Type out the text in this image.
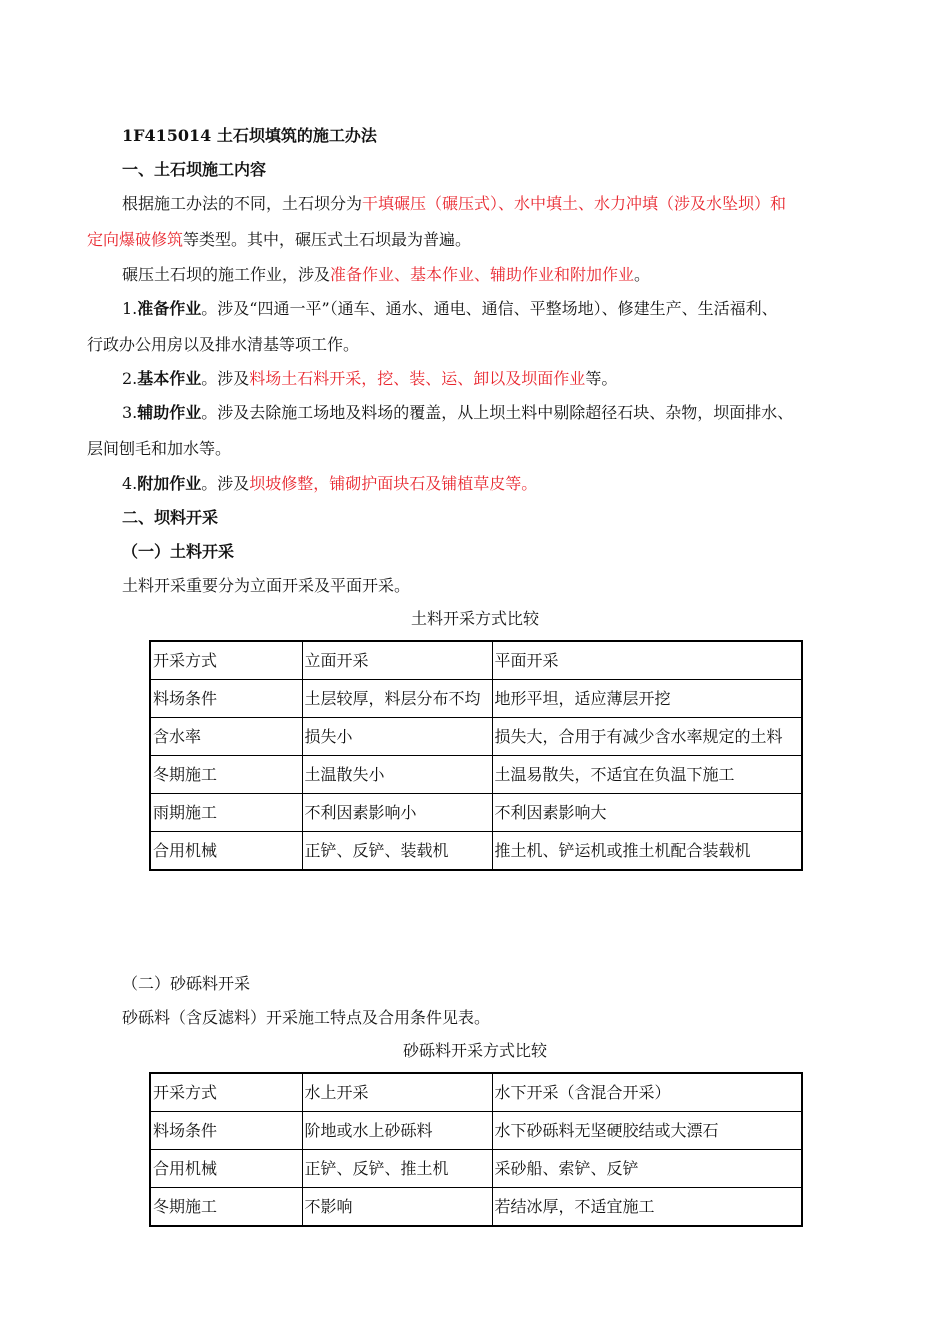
1F415014 土石坝填筑的施工办法
一、土石坝施工内容
根据施工办法的不同，土石坝分为干填碾压（碾压式）、水中填土、水力冲填（涉及水坠坝）和
定向爆破修筑等类型。其中，碾压式土石坝最为普遍。
碾压土石坝的施工作业，涉及准备作业、基本作业、辅助作业和附加作业。
1.准备作业。涉及“四通一平”（通车、通水、通电、通信、平整场地）、修建生产、生活福利、
行政办公用房以及排水清基等项工作。
2.基本作业。涉及料场土石料开采，挖、装、运、卸以及坝面作业等。
3.辅助作业。涉及去除施工场地及料场的覆盖，从上坝土料中剔除超径石块、杂物，坝面排水、
层间刨毛和加水等。
4.附加作业。涉及坝坡修整，铺砌护面块石及铺植草皮等。
二、坝料开采
（一）土料开采
土料开采重要分为立面开采及平面开采。
土料开采方式比较
开采方式	立面开采	平面开采
料场条件	土层较厚，料层分布不均	地形平坦，适应薄层开挖
含水率	损失小	损失大，合用于有减少含水率规定的土料
冬期施工	土温散失小	土温易散失，不适宜在负温下施工
雨期施工	不利因素影响小	不利因素影响大
合用机械	正铲、反铲、装载机	推土机、铲运机或推土机配合装载机
（二）砂砾料开采
砂砾料（含反滤料）开采施工特点及合用条件见表。
砂砾料开采方式比较
开采方式	水上开采	水下开采（含混合开采）
料场条件	阶地或水上砂砾料	水下砂砾料无坚硬胶结或大漂石
合用机械	正铲、反铲、推土机	采砂船、索铲、反铲
冬期施工	不影响	若结冰厚，不适宜施工
